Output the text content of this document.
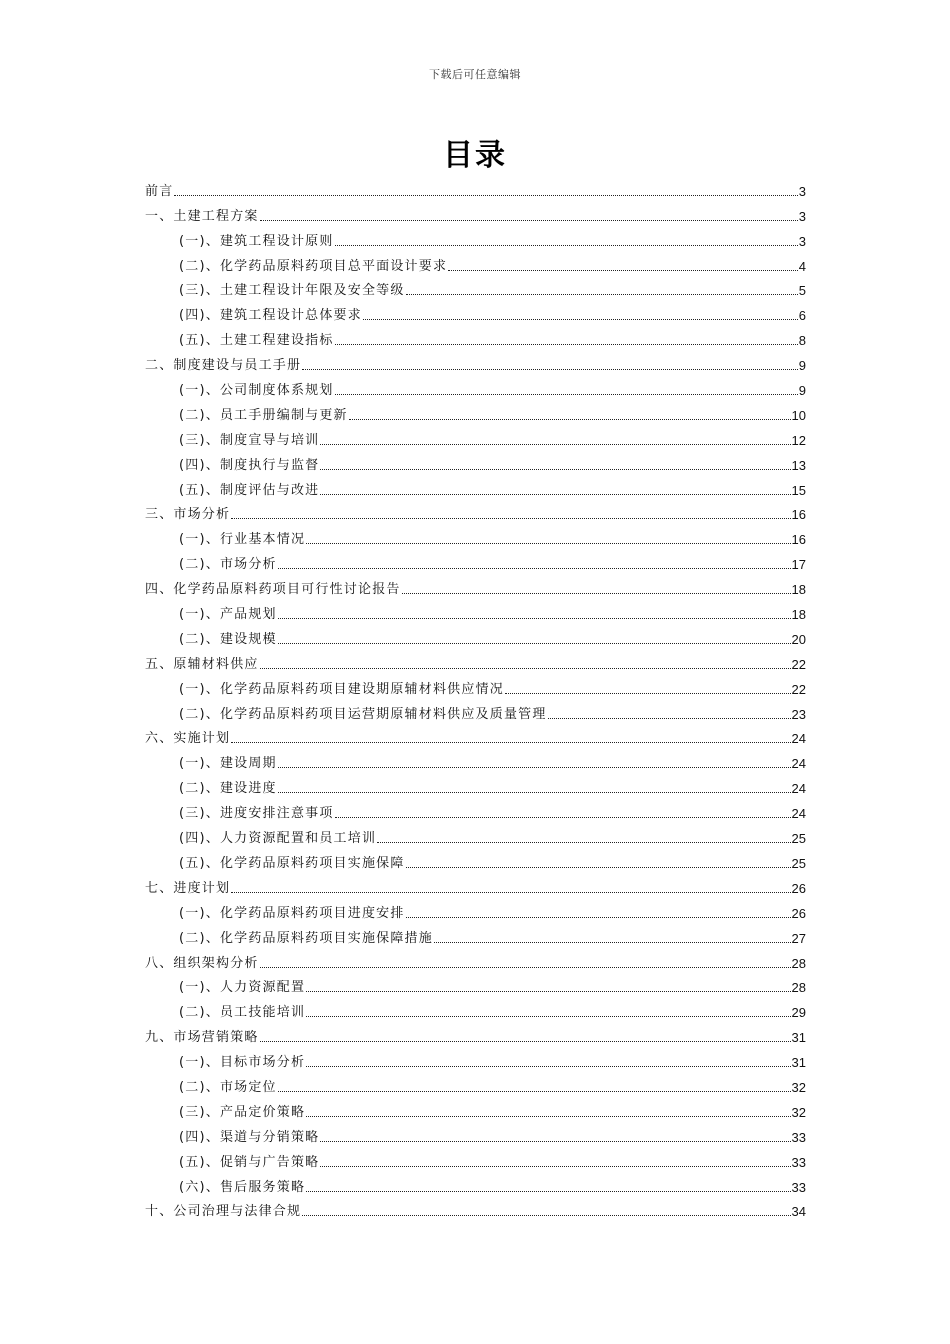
下载后可任意编辑
目录
前言	3
一、土建工程方案	3
(一)、建筑工程设计原则	3
(二)、化学药品原料药项目总平面设计要求	4
(三)、土建工程设计年限及安全等级	5
(四)、建筑工程设计总体要求	6
(五)、土建工程建设指标	8
二、制度建设与员工手册	9
(一)、公司制度体系规划	9
(二)、员工手册编制与更新	10
(三)、制度宣导与培训	12
(四)、制度执行与监督	13
(五)、制度评估与改进	15
三、市场分析	16
(一)、行业基本情况	16
(二)、市场分析	17
四、化学药品原料药项目可行性讨论报告	18
(一)、产品规划	18
(二)、建设规模	20
五、原辅材料供应	22
(一)、化学药品原料药项目建设期原辅材料供应情况	22
(二)、化学药品原料药项目运营期原辅材料供应及质量管理	23
六、实施计划	24
(一)、建设周期	24
(二)、建设进度	24
(三)、进度安排注意事项	24
(四)、人力资源配置和员工培训	25
(五)、化学药品原料药项目实施保障	25
七、进度计划	26
(一)、化学药品原料药项目进度安排	26
(二)、化学药品原料药项目实施保障措施	27
八、组织架构分析	28
(一)、人力资源配置	28
(二)、员工技能培训	29
九、市场营销策略	31
(一)、目标市场分析	31
(二)、市场定位	32
(三)、产品定价策略	32
(四)、渠道与分销策略	33
(五)、促销与广告策略	33
(六)、售后服务策略	33
十、公司治理与法律合规	34
